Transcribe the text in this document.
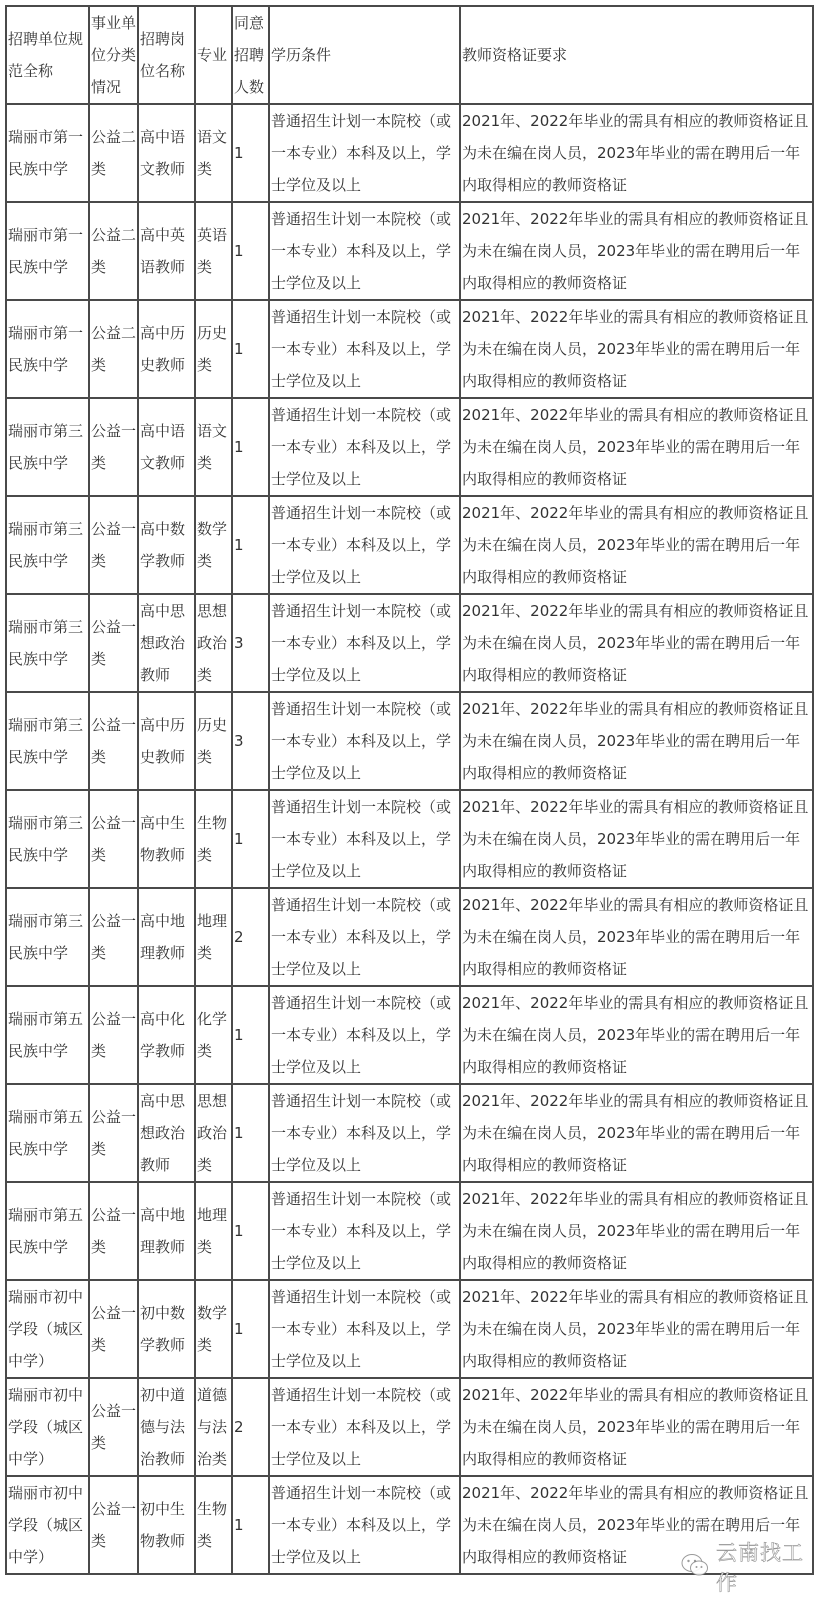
招聘单位规范全称	事业单位分类情况	招聘岗位名称	专业	同意招聘人数	学历条件	教师资格证要求
瑞丽市第一民族中学	公益二类	高中语文教师	语文类	1	普通招生计划一本院校（或一本专业）本科及以上，学士学位及以上	2021年、2022年毕业的需具有相应的教师资格证且为未在编在岗人员，2023年毕业的需在聘用后一年内取得相应的教师资格证
瑞丽市第一民族中学	公益二类	高中英语教师	英语类	1	普通招生计划一本院校（或一本专业）本科及以上，学士学位及以上	2021年、2022年毕业的需具有相应的教师资格证且为未在编在岗人员，2023年毕业的需在聘用后一年内取得相应的教师资格证
瑞丽市第一民族中学	公益二类	高中历史教师	历史类	1	普通招生计划一本院校（或一本专业）本科及以上，学士学位及以上	2021年、2022年毕业的需具有相应的教师资格证且为未在编在岗人员，2023年毕业的需在聘用后一年内取得相应的教师资格证
瑞丽市第三民族中学	公益一类	高中语文教师	语文类	1	普通招生计划一本院校（或一本专业）本科及以上，学士学位及以上	2021年、2022年毕业的需具有相应的教师资格证且为未在编在岗人员，2023年毕业的需在聘用后一年内取得相应的教师资格证
瑞丽市第三民族中学	公益一类	高中数学教师	数学类	1	普通招生计划一本院校（或一本专业）本科及以上，学士学位及以上	2021年、2022年毕业的需具有相应的教师资格证且为未在编在岗人员，2023年毕业的需在聘用后一年内取得相应的教师资格证
瑞丽市第三民族中学	公益一类	高中思想政治教师	思想政治类	3	普通招生计划一本院校（或一本专业）本科及以上，学士学位及以上	2021年、2022年毕业的需具有相应的教师资格证且为未在编在岗人员，2023年毕业的需在聘用后一年内取得相应的教师资格证
瑞丽市第三民族中学	公益一类	高中历史教师	历史类	3	普通招生计划一本院校（或一本专业）本科及以上，学士学位及以上	2021年、2022年毕业的需具有相应的教师资格证且为未在编在岗人员，2023年毕业的需在聘用后一年内取得相应的教师资格证
瑞丽市第三民族中学	公益一类	高中生物教师	生物类	1	普通招生计划一本院校（或一本专业）本科及以上，学士学位及以上	2021年、2022年毕业的需具有相应的教师资格证且为未在编在岗人员，2023年毕业的需在聘用后一年内取得相应的教师资格证
瑞丽市第三民族中学	公益一类	高中地理教师	地理类	2	普通招生计划一本院校（或一本专业）本科及以上，学士学位及以上	2021年、2022年毕业的需具有相应的教师资格证且为未在编在岗人员，2023年毕业的需在聘用后一年内取得相应的教师资格证
瑞丽市第五民族中学	公益一类	高中化学教师	化学类	1	普通招生计划一本院校（或一本专业）本科及以上，学士学位及以上	2021年、2022年毕业的需具有相应的教师资格证且为未在编在岗人员，2023年毕业的需在聘用后一年内取得相应的教师资格证
瑞丽市第五民族中学	公益一类	高中思想政治教师	思想政治类	1	普通招生计划一本院校（或一本专业）本科及以上，学士学位及以上	2021年、2022年毕业的需具有相应的教师资格证且为未在编在岗人员，2023年毕业的需在聘用后一年内取得相应的教师资格证
瑞丽市第五民族中学	公益一类	高中地理教师	地理类	1	普通招生计划一本院校（或一本专业）本科及以上，学士学位及以上	2021年、2022年毕业的需具有相应的教师资格证且为未在编在岗人员，2023年毕业的需在聘用后一年内取得相应的教师资格证
瑞丽市初中学段（城区中学）	公益一类	初中数学教师	数学类	1	普通招生计划一本院校（或一本专业）本科及以上，学士学位及以上	2021年、2022年毕业的需具有相应的教师资格证且为未在编在岗人员，2023年毕业的需在聘用后一年内取得相应的教师资格证
瑞丽市初中学段（城区中学）	公益一类	初中道德与法治教师	道德与法治类	2	普通招生计划一本院校（或一本专业）本科及以上，学士学位及以上	2021年、2022年毕业的需具有相应的教师资格证且为未在编在岗人员，2023年毕业的需在聘用后一年内取得相应的教师资格证
瑞丽市初中学段（城区中学）	公益一类	初中生物教师	生物类	1	普通招生计划一本院校（或一本专业）本科及以上，学士学位及以上	2021年、2022年毕业的需具有相应的教师资格证且为未在编在岗人员，2023年毕业的需在聘用后一年内取得相应的教师资格证	云南找工作
